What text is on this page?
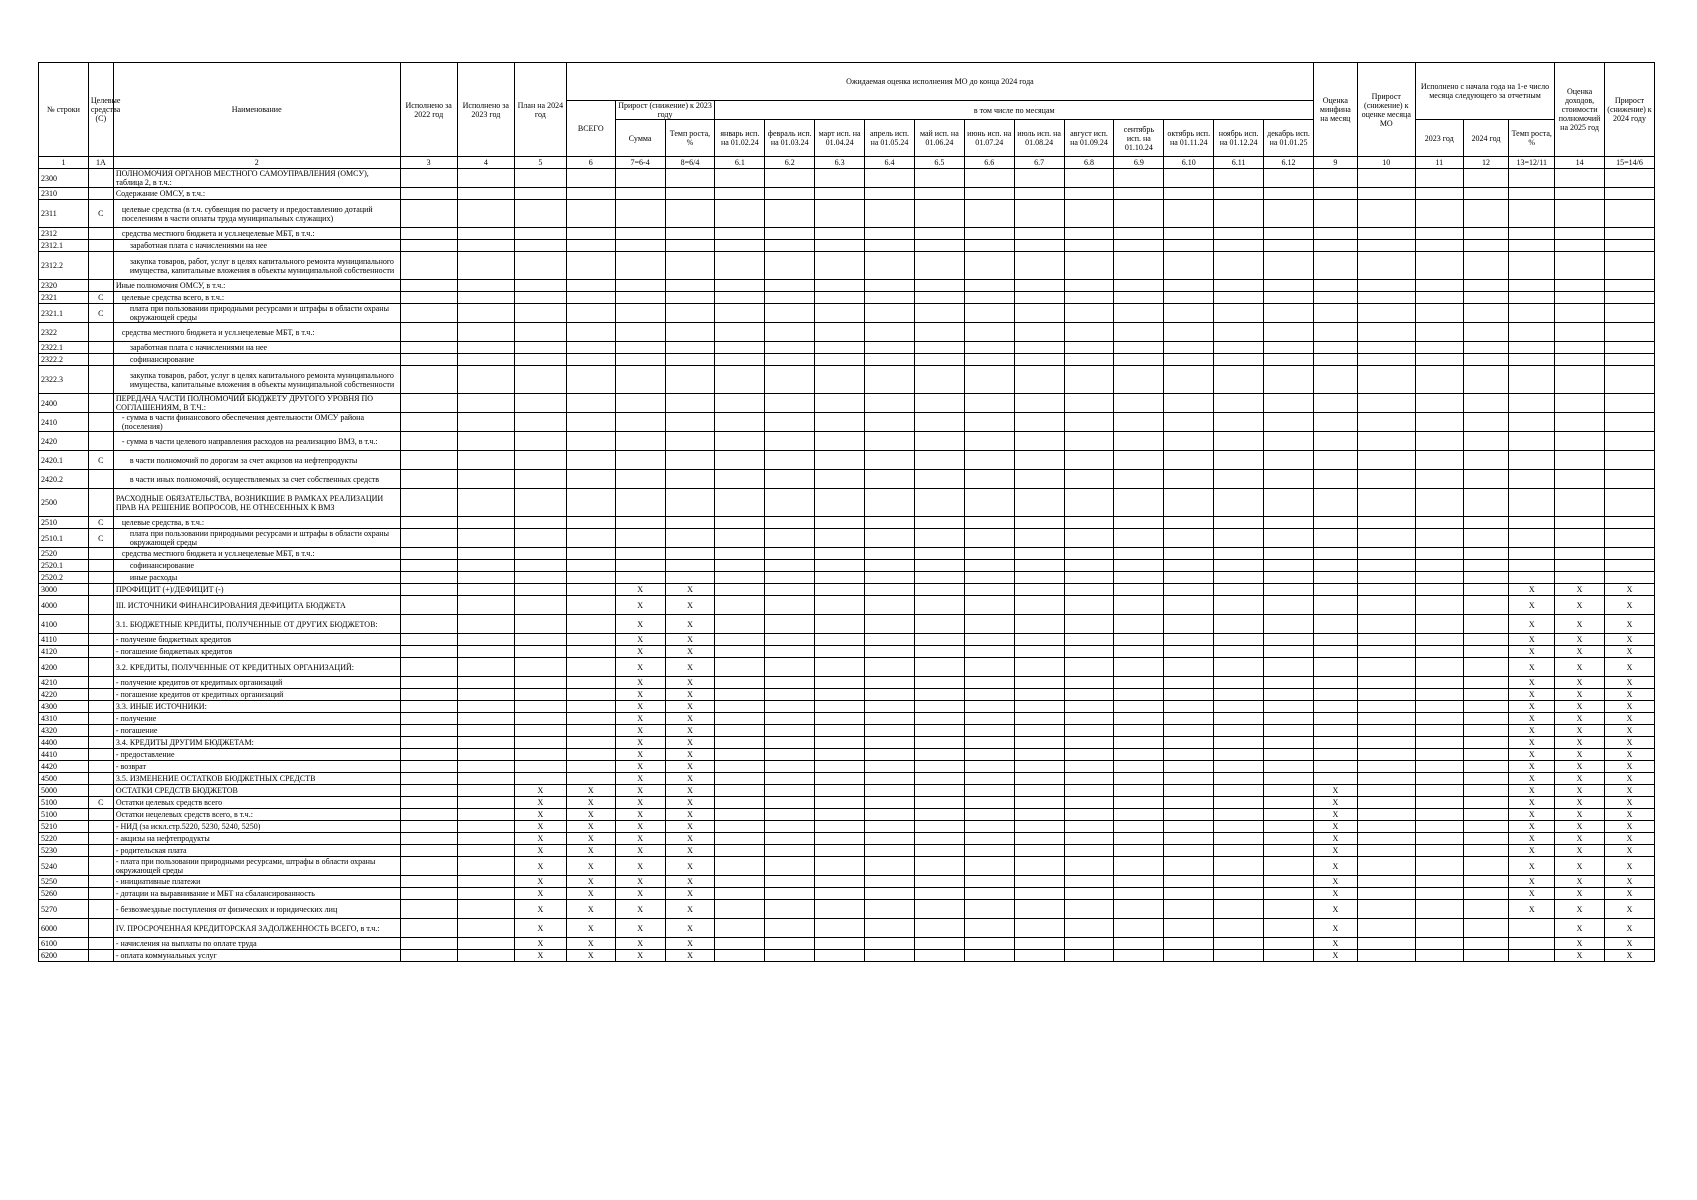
№ строки	Целевые средства (С)	Наименование	Исполнено за 2022 год	Исполнено за 2023 год	План на 2024 год	Ожидаемая оценка исполнения МО до конца 2024 года															Оценка минфина на месяц	Прирост (снижение) к оценке месяца МО	Исполнено с начала года на 1-е число месяца следующего за отчетным			Оценка доходов, стоимости полномочий на 2025 год	Прирост (снижение) к 2024 году
						ВСЕГО	Прирост (снижение) к 2023 году		в том числе по месяцам																		
							Сумма	Темп роста, %	январь исп. на 01.02.24	февраль исп. на 01.03.24	март исп. на 01.04.24	апрель исп. на 01.05.24	май исп. на 01.06.24	июнь исп. на 01.07.24	июль исп. на 01.08.24	август исп. на 01.09.24	сентябрь исп. на 01.10.24	октябрь исп. на 01.11.24	ноябрь исп. на 01.12.24	декабрь исп. на 01.01.25			2023 год	2024 год	Темп роста, %		
1	1А	2	3	4	5	6	7=6-4	8=6/4	6.1	6.2	6.3	6.4	6.5	6.6	6.7	6.8	6.9	6.10	6.11	6.12	9	10	11	12	13=12/11	14	15=14/6
2300		ПОЛНОМОЧИЯ ОРГАНОВ МЕСТНОГО САМОУПРАВЛЕНИЯ (ОМСУ), таблица 2, в т.ч.:																									
2310		Содержание ОМСУ, в т.ч.:																									
2311	С	целевые средства (в т.ч. субвенция по расчету и предоставлению дотаций поселениям в части оплаты труда муниципальных служащих)																									
2312		средства местного бюджета и усл.нецелевые МБТ, в т.ч.:																									
2312.1		заработная плата с начислениями на нее																									
2312.2		закупка товаров, работ, услуг в целях капитального ремонта муниципального имущества, капитальные вложения в объекты муниципальной собственности																									
2320		Иные полномочия ОМСУ, в т.ч.:																									
2321	С	целевые средства всего, в т.ч.:																									
2321.1	С	плата при пользовании природными ресурсами и штрафы в области охраны окружающей среды																									
2322		средства местного бюджета и усл.нецелевые МБТ, в т.ч.:																									
2322.1		заработная плата с начислениями на нее																									
2322.2		софинансирование																									
2322.3		закупка товаров, работ, услуг в целях капитального ремонта муниципального имущества, капитальные вложения в объекты муниципальной собственности																									
2400		ПЕРЕДАЧА ЧАСТИ ПОЛНОМОЧИЙ БЮДЖЕТУ ДРУГОГО УРОВНЯ ПО СОГЛАШЕНИЯМ, В Т.Ч.:																									
2410		- сумма в части финансового обеспечения деятельности ОМСУ района (поселения)																									
2420		- сумма в части целевого направления расходов на реализацию ВМЗ, в т.ч.:																									
2420.1	С	в части полномочий по дорогам за счет акцизов на нефтепродукты																									
2420.2		в части иных полномочий, осуществляемых за счет собственных средств																									
2500		РАСХОДНЫЕ ОБЯЗАТЕЛЬСТВА, ВОЗНИКШИЕ В РАМКАХ РЕАЛИЗАЦИИ ПРАВ НА РЕШЕНИЕ ВОПРОСОВ, НЕ ОТНЕСЕННЫХ К ВМЗ																									
2510	С	целевые средства, в т.ч.:																									
2510.1	С	плата при пользовании природными ресурсами и штрафы в области охраны окружающей среды																									
2520		средства местного бюджета и усл.нецелевые МБТ, в т.ч.:																									
2520.1		софинансирование																									
2520.2		иные расходы																									
3000		ПРОФИЦИТ (+)/ДЕФИЦИТ (-)					Х	Х																	Х	Х	Х
4000		III. ИСТОЧНИКИ ФИНАНСИРОВАНИЯ ДЕФИЦИТА БЮДЖЕТА					Х	Х																	Х	Х	Х
4100		3.1. БЮДЖЕТНЫЕ КРЕДИТЫ, ПОЛУЧЕННЫЕ ОТ ДРУГИХ БЮДЖЕТОВ:					Х	Х																	Х	Х	Х
4110		- получение бюджетных кредитов					Х	Х																	Х	Х	Х
4120		- погашение бюджетных кредитов					Х	Х																	Х	Х	Х
4200		3.2. КРЕДИТЫ, ПОЛУЧЕННЫЕ ОТ КРЕДИТНЫХ ОРГАНИЗАЦИЙ:					Х	Х																	Х	Х	Х
4210		- получение кредитов от кредитных организаций					Х	Х																	Х	Х	Х
4220		- погашение кредитов от кредитных организаций					Х	Х																	Х	Х	Х
4300		3.3. ИНЫЕ ИСТОЧНИКИ:					Х	Х																	Х	Х	Х
4310		- получение					Х	Х																	Х	Х	Х
4320		- погашение					Х	Х																	Х	Х	Х
4400		3.4. КРЕДИТЫ ДРУГИМ БЮДЖЕТАМ:					Х	Х																	Х	Х	Х
4410		- предоставление					Х	Х																	Х	Х	Х
4420		- возврат					Х	Х																	Х	Х	Х
4500		3.5. ИЗМЕНЕНИЕ ОСТАТКОВ БЮДЖЕТНЫХ СРЕДСТВ					Х	Х																	Х	Х	Х
5000		ОСТАТКИ СРЕДСТВ БЮДЖЕТОВ			Х	Х	Х	Х													Х				Х	Х	Х
5100	С	Остатки целевых средств всего			Х	Х	Х	Х													Х				Х	Х	Х
5100		Остатки нецелевых средств всего, в т.ч.:			Х	Х	Х	Х													Х				Х	Х	Х
5210		- НИД (за искл.стр.5220, 5230, 5240, 5250)			Х	Х	Х	Х													Х				Х	Х	Х
5220		- акцизы на нефтепродукты			Х	Х	Х	Х													Х				Х	Х	Х
5230		- родительская плата			Х	Х	Х	Х													Х				Х	Х	Х
5240		- плата при пользовании природными ресурсами, штрафы в области охраны окружающей среды			Х	Х	Х	Х													Х				Х	Х	Х
5250		- инициативные платежи			Х	Х	Х	Х													Х				Х	Х	Х
5260		- дотации на выравнивание и МБТ на сбалансированность			Х	Х	Х	Х													Х				Х	Х	Х
5270		- безвозмездные поступления от физических и юридических лиц			Х	Х	Х	Х													Х				Х	Х	Х
6000		IV. ПРОСРОЧЕННАЯ КРЕДИТОРСКАЯ ЗАДОЛЖЕННОСТЬ ВСЕГО, в т.ч.:			Х	Х	Х	Х													Х					Х	Х
6100		- начисления на выплаты по оплате труда			Х	Х	Х	Х													Х					Х	Х
6200		- оплата коммунальных услуг			Х	Х	Х	Х													Х					Х	Х
